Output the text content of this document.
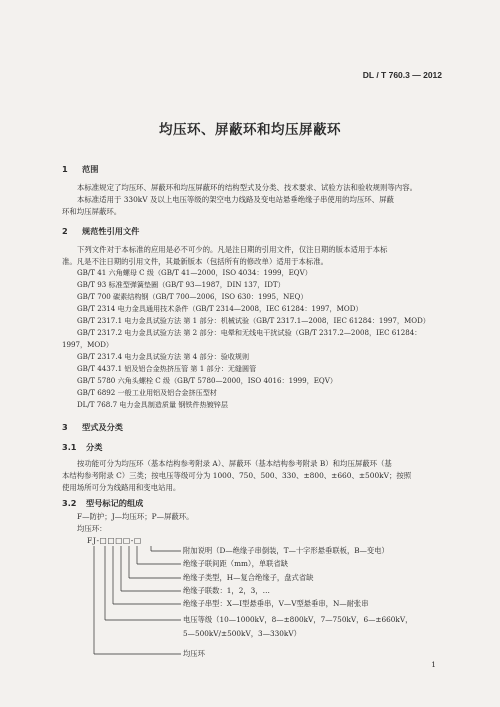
DL / T 760.3 — 2012
均压环、屏蔽环和均压屏蔽环
1 范围
本标准规定了均压环、屏蔽环和均压屏蔽环的结构型式及分类、技术要求、试验方法和验收规则等内容。
本标准适用于 330kV 及以上电压等级的架空电力线路及变电站悬垂绝缘子串使用的均压环、屏蔽
环和均压屏蔽环。
2 规范性引用文件
下列文件对于本标准的应用是必不可少的。凡是注日期的引用文件，仅注日期的版本适用于本标
准。凡是不注日期的引用文件，其最新版本（包括所有的修改单）适用于本标准。
GB/T 41 六角螺母 C 级（GB/T 41—2000，ISO 4034：1999，EQV）
GB/T 93 标准型弹簧垫圈（GB/T 93—1987，DIN 137，IDT）
GB/T 700 碳素结构钢（GB/T 700—2006，ISO 630：1995，NEQ）
GB/T 2314 电力金具通用技术条件（GB/T 2314—2008，IEC 61284：1997，MOD）
GB/T 2317.1 电力金具试验方法 第 1 部分：机械试验（GB/T 2317.1—2008，IEC 61284：1997，MOD）
GB/T 2317.2 电力金具试验方法 第 2 部分：电晕和无线电干扰试验（GB/T 2317.2—2008，IEC 61284：
1997，MOD）
GB/T 2317.4 电力金具试验方法 第 4 部分：验收规则
GB/T 4437.1 铝及铝合金热挤压管 第 1 部分：无缝圆管
GB/T 5780 六角头螺栓 C 级（GB/T 5780—2000，ISO 4016：1999，EQV）
GB/T 6892 一般工业用铝及铝合金挤压型材
DL/T 768.7 电力金具制造质量 钢铁件热镀锌层
3 型式及分类
3.1 分类
按功能可分为均压环（基本结构参考附录 A）、屏蔽环（基本结构参考附录 B）和均压屏蔽环（基
本结构参考附录 C）三类；按电压等级可分为 1000、750、500、330、±800、±660、±500kV；按照
使用场所可分为线路用和变电站用。
3.2 型号标记的组成
F—防护；J—均压环；P—屏蔽环。
均压环：
FJ-□□□□-□
附加说明（D—绝缘子串倒装，T—十字形悬垂联板，B—变电）
绝缘子联间距（mm），单联省缺
绝缘子类型，H—复合绝缘子，盘式省缺
绝缘子联数：1，2，3，…
绝缘子串型：X—I型悬垂串，V—V型悬垂串，N—耐张串
电压等级（10—1000kV，8—±800kV，7—750kV，6—±660kV，
5—500kV/±500kV，3—330kV）
均压环
1
